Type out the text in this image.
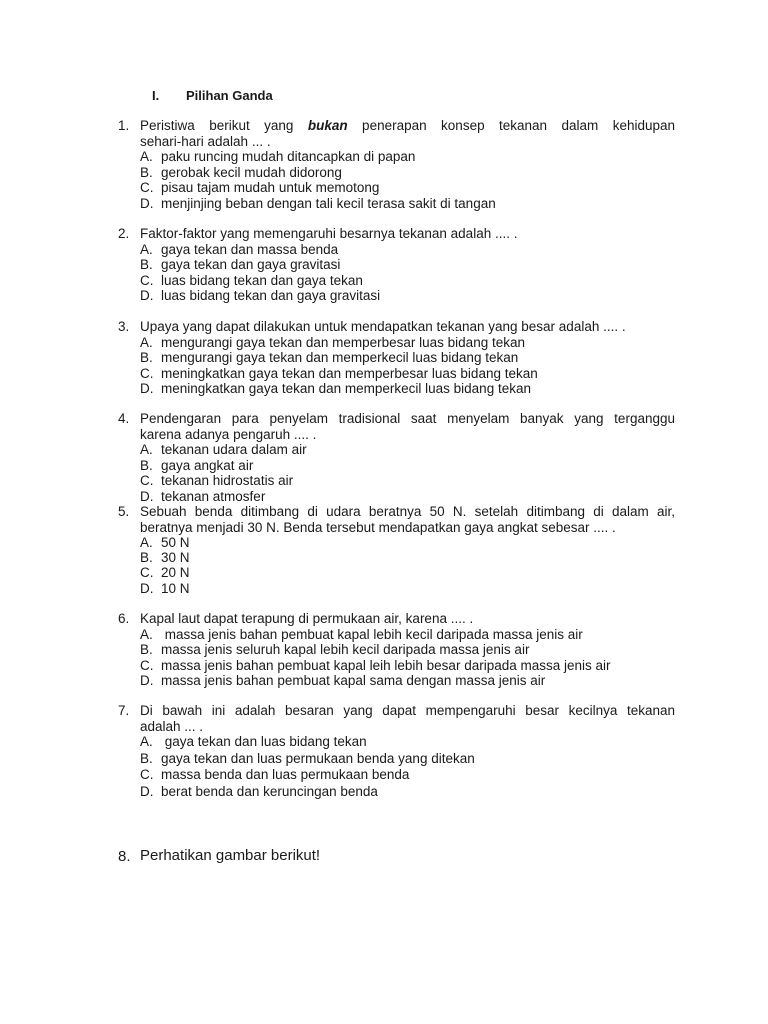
I. Pilihan Ganda
1. Peristiwa berikut yang bukan penerapan konsep tekanan dalam kehidupan
sehari-hari adalah ... .
A. paku runcing mudah ditancapkan di papan
B. gerobak kecil mudah didorong
C. pisau tajam mudah untuk memotong
D. menjinjing beban dengan tali kecil terasa sakit di tangan
2. Faktor-faktor yang memengaruhi besarnya tekanan adalah .... .
A. gaya tekan dan massa benda
B. gaya tekan dan gaya gravitasi
C. luas bidang tekan dan gaya tekan
D. luas bidang tekan dan gaya gravitasi
3. Upaya yang dapat dilakukan untuk mendapatkan tekanan yang besar adalah .... .
A. mengurangi gaya tekan dan memperbesar luas bidang tekan
B. mengurangi gaya tekan dan memperkecil luas bidang tekan
C. meningkatkan gaya tekan dan memperbesar luas bidang tekan
D. meningkatkan gaya tekan dan memperkecil luas bidang tekan
4. Pendengaran para penyelam tradisional saat menyelam banyak yang terganggu
karena adanya pengaruh .... .
A. tekanan udara dalam air
B. gaya angkat air
C. tekanan hidrostatis air
D. tekanan atmosfer
5. Sebuah benda ditimbang di udara beratnya 50 N. setelah ditimbang di dalam air,
beratnya menjadi 30 N. Benda tersebut mendapatkan gaya angkat sebesar .... .
A. 50 N
B. 30 N
C. 20 N
D. 10 N
6. Kapal laut dapat terapung di permukaan air, karena .... .
A. massa jenis bahan pembuat kapal lebih kecil daripada massa jenis air
B. massa jenis seluruh kapal lebih kecil daripada massa jenis air
C. massa jenis bahan pembuat kapal leih lebih besar daripada massa jenis air
D. massa jenis bahan pembuat kapal sama dengan massa jenis air
7. Di bawah ini adalah besaran yang dapat mempengaruhi besar kecilnya tekanan
adalah ... .
A. gaya tekan dan luas bidang tekan
B. gaya tekan dan luas permukaan benda yang ditekan
C. massa benda dan luas permukaan benda
D. berat benda dan keruncingan benda
8. Perhatikan gambar berikut!
